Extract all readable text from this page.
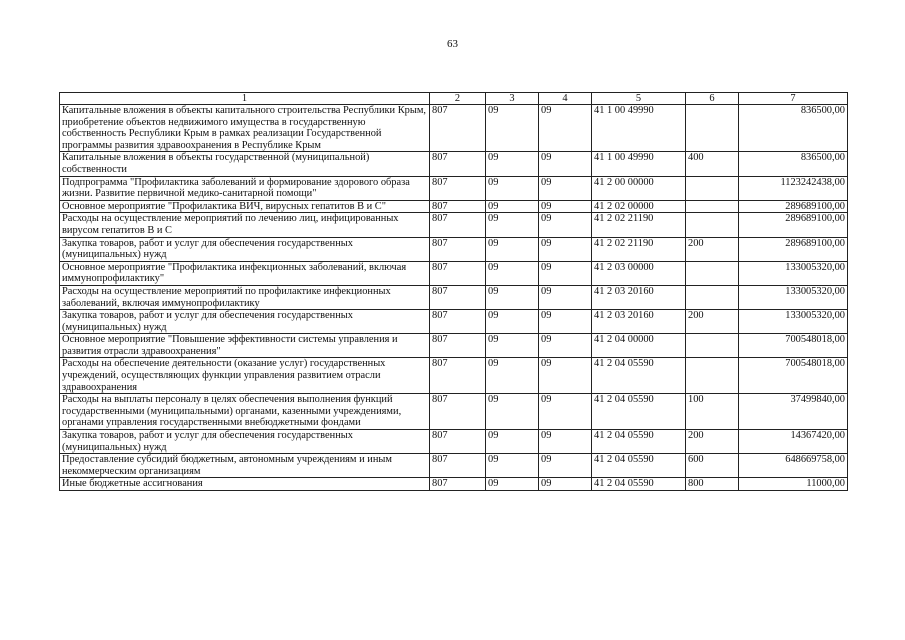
63
1	2	3	4	5	6	7
Капитальные вложения в объекты капитального строительства Республики Крым, приобретение объектов недвижимого имущества в государственную собственность Республики Крым в рамках реализации Государственной программы развития здравоохранения в Республике Крым	807	09	09	41 1 00 49990		836500,00
Капитальные вложения в объекты государственной (муниципальной) собственности	807	09	09	41 1 00 49990	400	836500,00
Подпрограмма "Профилактика заболеваний и формирование здорового образа жизни. Развитие первичной медико-санитарной помощи"	807	09	09	41 2 00 00000		1123242438,00
Основное мероприятие "Профилактика ВИЧ, вирусных гепатитов В и С"	807	09	09	41 2 02 00000		289689100,00
Расходы на осуществление мероприятий по лечению лиц, инфицированных вирусом гепатитов В и С	807	09	09	41 2 02 21190		289689100,00
Закупка товаров, работ и услуг для обеспечения государственных (муниципальных) нужд	807	09	09	41 2 02 21190	200	289689100,00
Основное мероприятие "Профилактика инфекционных заболеваний, включая иммунопрофилактику"	807	09	09	41 2 03 00000		133005320,00
Расходы на осуществление мероприятий по профилактике инфекционных заболеваний, включая иммунопрофилактику	807	09	09	41 2 03 20160		133005320,00
Закупка товаров, работ и услуг для обеспечения государственных (муниципальных) нужд	807	09	09	41 2 03 20160	200	133005320,00
Основное мероприятие "Повышение эффективности системы управления и развития отрасли здравоохранения"	807	09	09	41 2 04 00000		700548018,00
Расходы на обеспечение деятельности (оказание услуг) государственных учреждений, осуществляющих функции управления развитием отрасли здравоохранения	807	09	09	41 2 04 05590		700548018,00
Расходы на выплаты персоналу в целях обеспечения выполнения функций государственными (муниципальными) органами, казенными учреждениями, органами управления государственными внебюджетными фондами	807	09	09	41 2 04 05590	100	37499840,00
Закупка товаров, работ и услуг для обеспечения государственных (муниципальных) нужд	807	09	09	41 2 04 05590	200	14367420,00
Предоставление субсидий бюджетным, автономным учреждениям и иным некоммерческим организациям	807	09	09	41 2 04 05590	600	648669758,00
Иные бюджетные ассигнования	807	09	09	41 2 04 05590	800	11000,00
